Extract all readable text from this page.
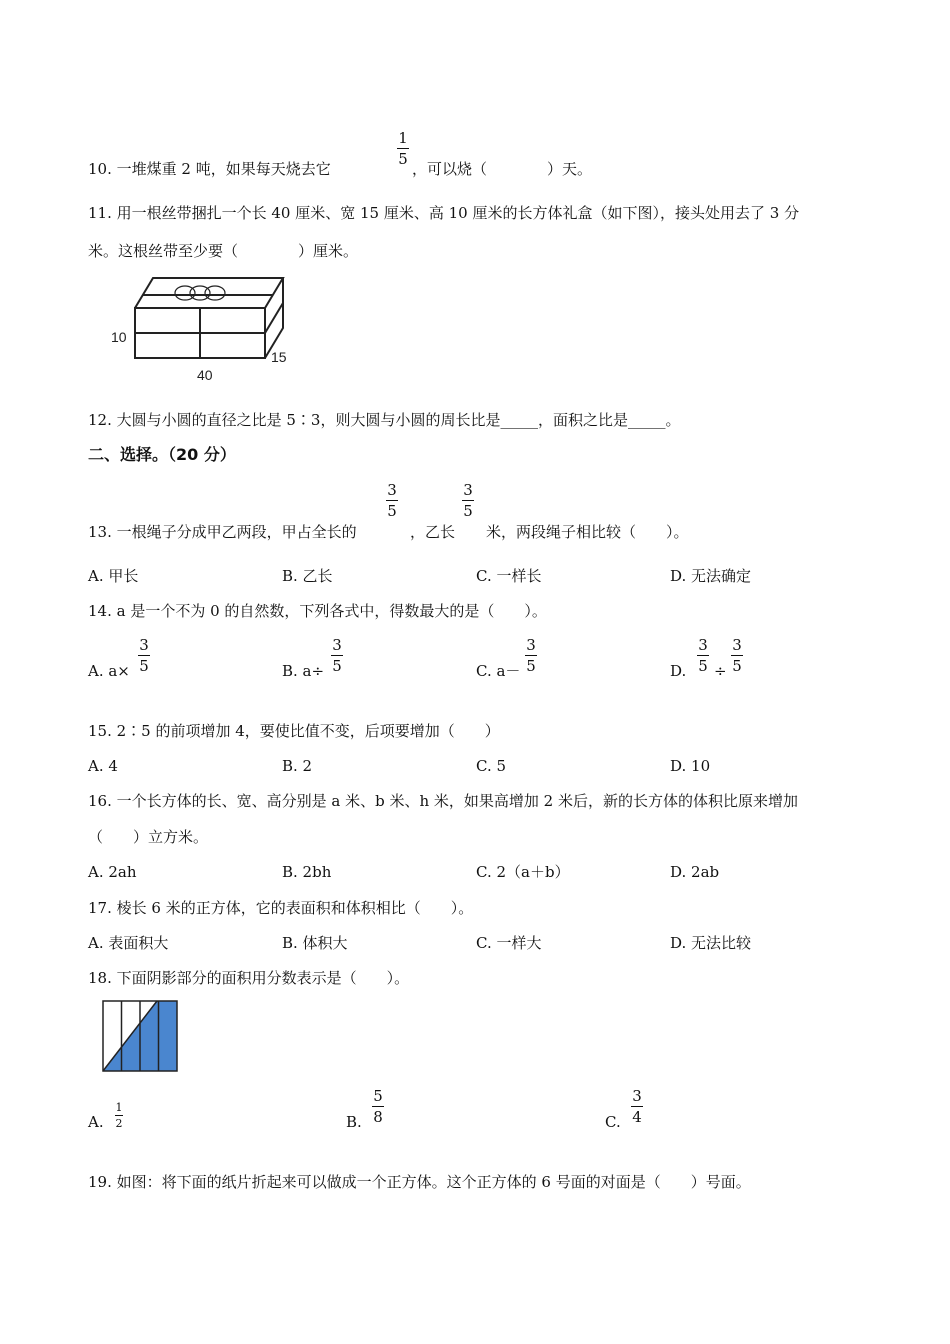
10. 一堆煤重 2 吨，如果每天烧去它
1
5
，可以烧（　　　　）天。
11. 用一根丝带捆扎一个长 40 厘米、宽 15 厘米、高 10 厘米的长方体礼盒（如下图），接头处用去了 3 分
米。这根丝带至少要（　　　　）厘米。
10
15
40
12. 大圆与小圆的直径之比是 5∶3，则大圆与小圆的周长比是_____，面积之比是_____。
二、选择。（20 分）
13. 一根绳子分成甲乙两段，甲占全长的
3
5
，乙长
3
5
米，两段绳子相比较（　　）。
A. 甲长	B. 乙长	C. 一样长	D. 无法确定
14. a 是一个不为 0 的自然数，下列各式中，得数最大的是（　　）。
A. a×
3
5	B. a÷
3
5	C. a－
3
5	D.
3
5 ÷
3
5
15. 2∶5 的前项增加 4，要使比值不变，后项要增加（　　）
A. 4	B. 2	C. 5	D. 10
16. 一个长方体的长、宽、高分别是 a 米、b 米、h 米，如果高增加 2 米后，新的长方体的体积比原来增加
（　　）立方米。
A. 2ah	B. 2bh	C. 2（a＋b）	D. 2ab
17. 棱长 6 米的正方体，它的表面积和体积相比（　　）。
A. 表面积大	B. 体积大	C. 一样大	D. 无法比较
18. 下面阴影部分的面积用分数表示是（　　）。
A.
1
2	B.
5
8	C.
3
4
19. 如图：将下面的纸片折起来可以做成一个正方体。这个正方体的 6 号面的对面是（　　）号面。
